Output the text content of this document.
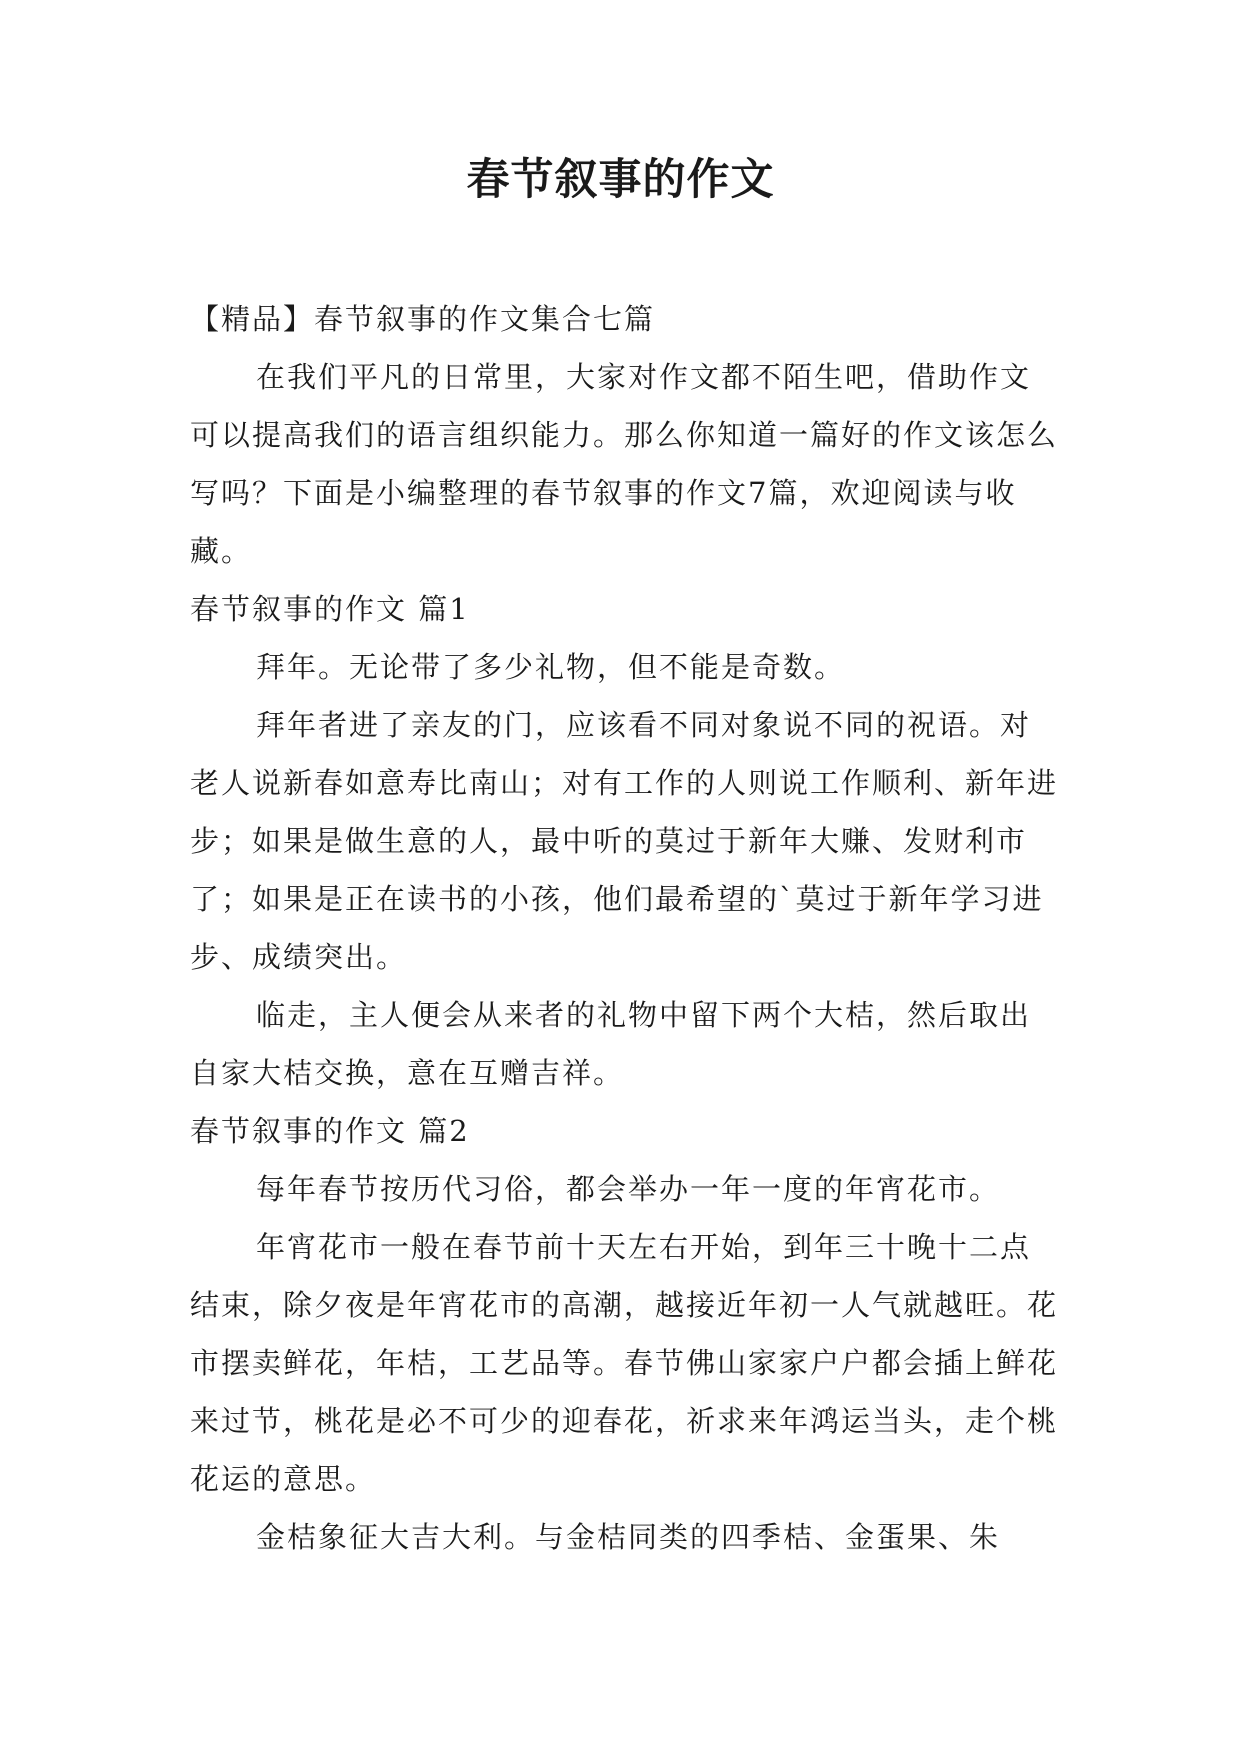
春节叙事的作文

【精品】春节叙事的作文集合七篇

在我们平凡的日常里，大家对作文都不陌生吧，借助作文可以提高我们的语言组织能力。那么你知道一篇好的作文该怎么写吗？下面是小编整理的春节叙事的作文7篇，欢迎阅读与收藏。

春节叙事的作文 篇1

拜年。无论带了多少礼物，但不能是奇数。

拜年者进了亲友的门，应该看不同对象说不同的祝语。对老人说新春如意寿比南山；对有工作的人则说工作顺利、新年进步；如果是做生意的人，最中听的莫过于新年大赚、发财利市了；如果是正在读书的小孩，他们最希望的`莫过于新年学习进步、成绩突出。

临走，主人便会从来者的礼物中留下两个大桔，然后取出自家大桔交换，意在互赠吉祥。

春节叙事的作文 篇2

每年春节按历代习俗，都会举办一年一度的年宵花市。

年宵花市一般在春节前十天左右开始，到年三十晚十二点结束，除夕夜是年宵花市的高潮，越接近年初一人气就越旺。花市摆卖鲜花，年桔，工艺品等。春节佛山家家户户都会插上鲜花来过节，桃花是必不可少的迎春花，祈求来年鸿运当头，走个桃花运的意思。

金桔象征大吉大利。与金桔同类的四季桔、金蛋果、朱
